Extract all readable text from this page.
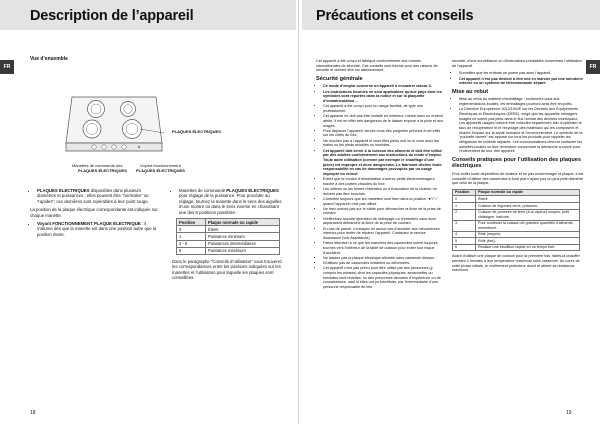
Description de l’appareil	Précautions et conseils
FR	FR
Vue d’ensemble
PLAQUES ÉLECTRIQUES
Manettes de commande des
PLAQUES ÉLECTRIQUES
Voyant fonctionnement
PLAQUES ÉLECTRIQUES
• PLAQUES ÉLECTRIQUES disponibles dans plusieurs diamètres et puissances : elles peuvent être “normales” ou “rapides”; ces dernières sont repérables à leur point rouge.

La position de la plaque électrique correspondante est indiquée sur chaque manette.

• Voyant FONCTIONNEMENT PLAQUE ÉLECTRIQUE : il s’allume dès que la manette est dans une position autre que la position éteint.
• Manettes de commande PLAQUES ÉLECTRIQUES pour réglage de la puissance. Pour procéder au réglage, tournez la manette dans le sens des aiguilles d’une montre ou dans le sens inverse en choisissant une des 6 positions possibles :
Position	Plaque normale ou rapide
0	Éteint
1	Puissance minimum
2 - 5	Puissances intermédiaires
6	Puissance maximum

Dans le paragraphe “Conseils d’utilisation” vous trouverez les correspondances entre les positions indiquées sur les manettes et l’utilisation pour laquelle les plaques sont conseillées.

18

Cet appareil a été conçu et fabriqué conformément aux normes internationales de sécurité. Ces conseils sont fournis pour des raisons de sécurité et doivent être lus attentivement.

Sécurité générale
• Ce mode d’emploi concerne un appareil à encastrer classe 3.
• Les instructions fournies ne sont applicables qu’aux pays dont les symboles sont reportés dans la notice et sur la plaquette d’immatriculation…
• Cet appareil a été conçu pour un usage familial, de type non professionnel.
• Cet appareil ne doit pas être installé en extérieur, même dans un endroit abrité, il est en effet très dangereux de le laisser exposé à la pluie et aux orages.
• Pour déplacer l’appareil, servez-vous des poignées prévues à cet effet sur les côtés du four.
• Ne touchez pas à l’appareil si vous êtes pieds nus ou si vous avez les mains ou les pieds mouillés ou humides.
• Cet appareil doit servir à la cuisson des aliments et doit être utilisé par des adultes conformément aux instructions du mode d’emploi. Toute autre utilisation (comme par exemple le chauffage d’une pièce) est impropre et donc dangereuse. Le fabricant décline toute responsabilité en cas de dommages provoqués par un usage impropre ou erroné.
• Évitez que le cordon d’alimentation d’autres petits électroménagers touche à des parties chaudes du four.
• Les orifices ou les fentes d’aération ou d’évacuation de la chaleur ne doivent pas être bouchés.
• Contrôlez toujours que les manettes sont bien dans la position “●”/“○” quand l’appareil n’est pas utilisé.
• Ne tirez surtout pas sur le câble pour débrancher la fiche de la prise de courant.
• N’effectuez aucune opération de nettoyage ou d’entretien sans avoir auparavant débranché la fiche de la prise de courant.
• En cas de panne, n’essayez en aucun cas d’accéder aux mécanismes internes pour tenter de réparer l’appareil. Contactez le service Assistance (voir Assistance).
• Faites attention à ce que les manches des casseroles soient toujours tournés vers l’intérieur de la table de cuisson pour éviter tout risque d’accident.
• Ne laissez pas la plaque électrique allumée sans casserole dessus.
• N’utilisez pas de casseroles instables ou déformées.
• Cet appareil n’est pas prévu pour être utilisé par des personnes (y compris les enfants) dont les capacités physiques, sensorielles ou mentales sont réduites, ou des personnes dénuées d’expérience ou de connaissance, sauf si elles ont pu bénéficier, par l’intermédiaire d’une personne responsable de leur

sécurité, d’une surveillance ou d’instructions préalables concernant l’utilisation de l’appareil.

• Surveillez que les enfants ne jouent pas avec l’appareil.
• Cet appareil n’est pas destiné à être mis en marche par une minuterie externe ou un système de télécommande séparé.
Mise au rebut
• Mise au rebut du matériel d’emballage : conformez-vous aux réglementations locales, les emballages pourront ainsi être recyclés.
• La Directive Européenne 2012/19/UE sur les Déchets des Équipements Électriques et Électroniques (DEEE), exige que les appareils ménagers usagés ne soient pas jetés dans le flux normal des déchets municipaux. Les appareils usagés doivent être collectés séparément afin d’optimiser le taux de récupération et le recyclage des matériaux qui les composent et réduire l’impact sur la santé humaine et l’environnement. Le symbole de la “poubelle barrée” est apposé sur tous les produits pour rappeler les obligations de collecte séparée. Les consommateurs devront contacter les autorités locales ou leur revendeur concernant la démarche à suivre pour l’enlèvement de leur vieil appareil.
Conseils pratiques pour l’utilisation des plaques électriques

Pour éviter toute déperdition de chaleur et ne pas endommager la plaque, il est conseillé d’utiliser des casseroles à fond plat n’ayant pas un plus petit diamètre que celui de la plaque.

Position	Plaque normale ou rapide
0	Éteint.
1	Cuisson de légumes verts, poissons.
2	Cuisson de pommes de terre (à la vapeur) soupes, petit châtaigne, haricots.
3	Pour continuer la cuisson de grandes quantités d’aliments, minestrone.
4	Rôtir (moyen).
5	Rôtir (fort).
6	Réaliser une ébullition rapide en un temps bref.

Avant d’utiliser une plaque de cuisson pour la première fois, faites-la chauffer pendant 4 minutes à leur température maximum sans casserole. Au cours de cette phase initiale, le revêtement protecteur durcit et atteint sa résistance maximum.

19
